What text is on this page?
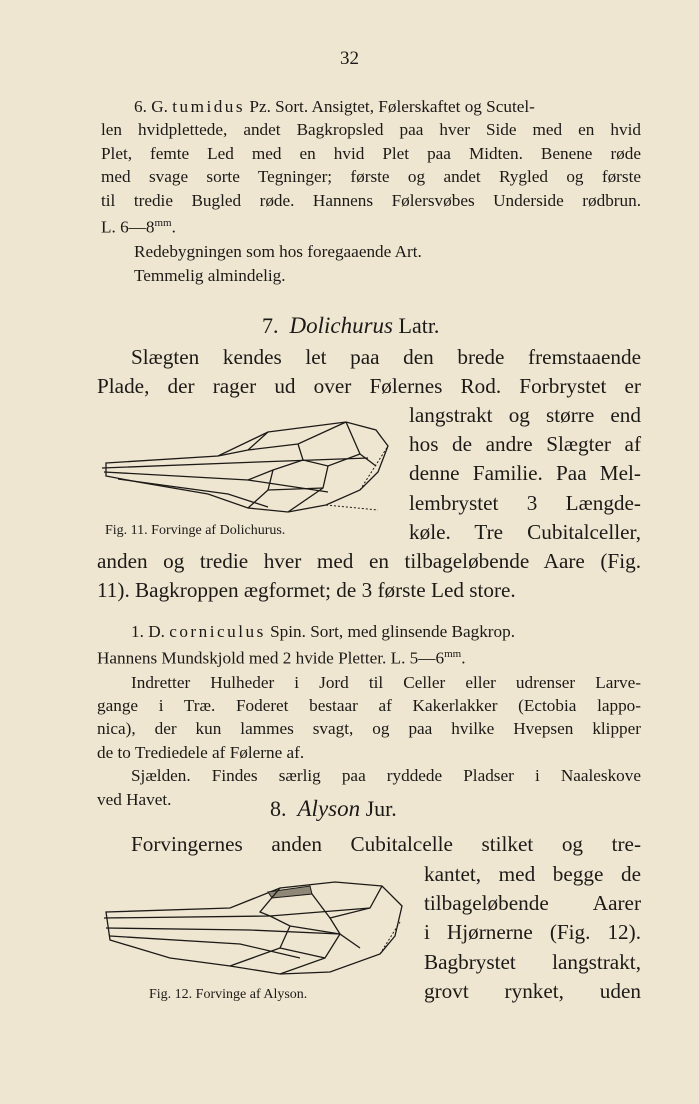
32
6. G. tumidus Pz. Sort. Ansigtet, Følerskaftet og Scutel-
len hvidplettede, andet Bagkropsled paa hver Side med en hvid
Plet, femte Led med en hvid Plet paa Midten. Benene røde
med svage sorte Tegninger; første og andet Rygled og første
til tredie Bugled røde. Hannens Følersvøbes Underside rødbrun.
L. $6—8^{mm}$.
Redebygningen som hos foregaaende Art.
Temmelig almindelig.
7. Dolichurus Latr.
Slægten kendes let paa den brede fremstaaende
Plade, der rager ud over Følernes Rod. Forbrystet er
langstrakt og større end
hos de andre Slægter af
denne Familie. Paa Mel-
lembrystet 3 Længde-
køle. Tre Cubitalceller,
Fig. 11. Forvinge af Dolichurus.
anden og tredie hver med en tilbageløbende Aare (Fig.
11). Bagkroppen ægformet; de 3 første Led store.
1. D. corniculus Spin. Sort, med glinsende Bagkrop.
Hannens Mundskjold med 2 hvide Pletter. L. $5—6^{mm}$.
Indretter Hulheder i Jord til Celler eller udrenser Larve-
gange i Træ. Foderet bestaar af Kakerlakker (Ectobia lappo-
nica), der kun lammes svagt, og paa hvilke Hvepsen klipper
de to Trediedele af Følerne af.
Sjælden. Findes særlig paa ryddede Pladser i Naaleskove
ved Havet.	8. Alyson Jur.
Forvingernes anden Cubitalcelle stilket og tre-
kantet, med begge de
tilbageløbende Aarer
i Hjørnerne (Fig. 12).
Bagbrystet langstrakt,
grovt rynket, uden
Fig. 12. Forvinge af Alyson.
